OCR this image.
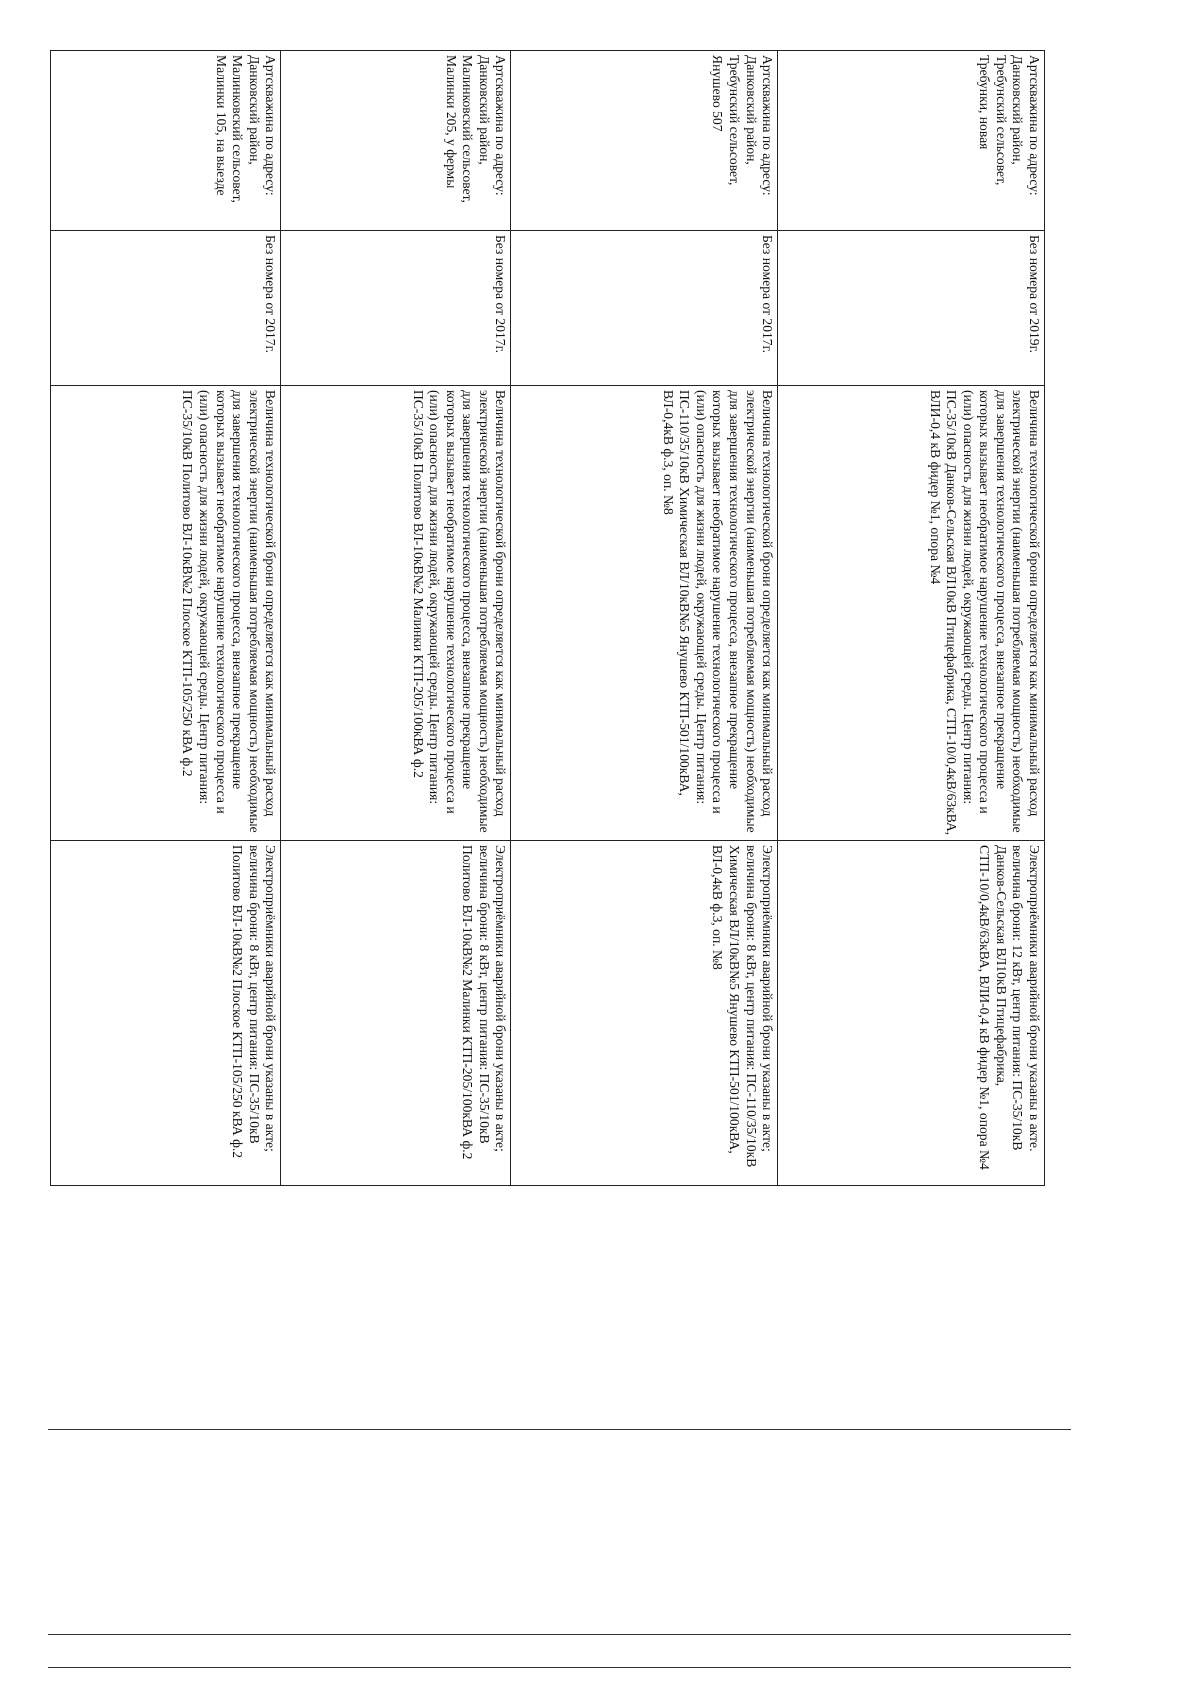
Артскважина по адресу: Данковский район, Требунский сельсовет, Требунки, новая	Без номера от 2019г.	Величина технологической брони определяется как минимальный расход электрической энергии (наименьшая потребляемая мощность) необходимые для завершения технологического процесса, внезапное прекращение которых вызывает необратимое нарушение технологического процесса и (или) опасность для жизни людей, окружающей среды. Центр питания: ПС-35/10кВ Данков-Сельская ВЛ10кВ Птицефабрика, СТП-10/0,4кВ/63кВА, ВЛИ-0,4 кВ фидер №1, опора №4	Электроприёмники аварийной брони указаны в акте. величина брони: 12 кВт, центр питания: ПС-35/10кВ Данков-Сельская ВЛ10кВ Птицефабрика, СТП-10/0,4кВ/63кВА, ВЛИ-0,4 кВ фидер №1, опора №4
Артскважина по адресу: Данковский район, Требунский сельсовет, Янушево 507	Без номера от 2017г.	Величина технологической брони определяется как минимальный расход электрической энергии (наименьшая потребляемая мощность) необходимые для завершения технологического процесса, внезапное прекращение которых вызывает необратимое нарушение технологического процесса и (или) опасность для жизни людей, окружающей среды. Центр питания: ПС-110/35/10кВ Химическая ВЛ/10кВ№5 Янушево КТП-501/100кВА, ВЛ-0,4кВ ф.3, оп. №8	Электроприёмники аварийной брони указаны в акте; величина брони: 8 кВт, центр питания: ПС-110/35/10кВ Химическая ВЛ/10кВ№5 Янушево КТП-501/100кВА, ВЛ-0,4кВ ф.3, оп. №8
Артскважина по адресу: Данковский район, Малинковский сельсовет, Малинки 205, у фермы	Без номера от 2017г.	Величина технологической брони определяется как минимальный расход электрической энергии (наименьшая потребляемая мощность) необходимые для завершения технологического процесса, внезапное прекращение которых вызывает необратимое нарушение технологического процесса и (или) опасность для жизни людей, окружающей среды. Центр питания: ПС-35/10кВ Политово ВЛ-10кВ№2 Малинки КТП-205/100кВА ф.2	Электроприёмники аварийной брони указаны в акте; величина брони: 8 кВт, центр питания: ПС-35/10кВ Политово ВЛ-10кВ№2 Малинки КТП-205/100кВА ф.2
Артскважина по адресу: Данковский район, Малинковский сельсовет, Малинки 105, на выезде	Без номера от 2017г.	Величина технологической брони определяется как минимальный расход электрической энергии (наименьшая потребляемая мощность) необходимые для завершения технологического процесса, внезапное прекращение которых вызывает необратимое нарушение технологического процесса и (или) опасность для жизни людей, окружающей среды. Центр питания: ПС-35/10кВ Политово ВЛ-10кВ№2 Плоское КТП-105/250 кВА ф.2	Электроприёмники аварийной брони указаны в акте; величина брони: 8 кВт, центр питания: ПС-35/10кВ Политово ВЛ-10кВ№2 Плоское КТП-105/250 кВА ф.2
